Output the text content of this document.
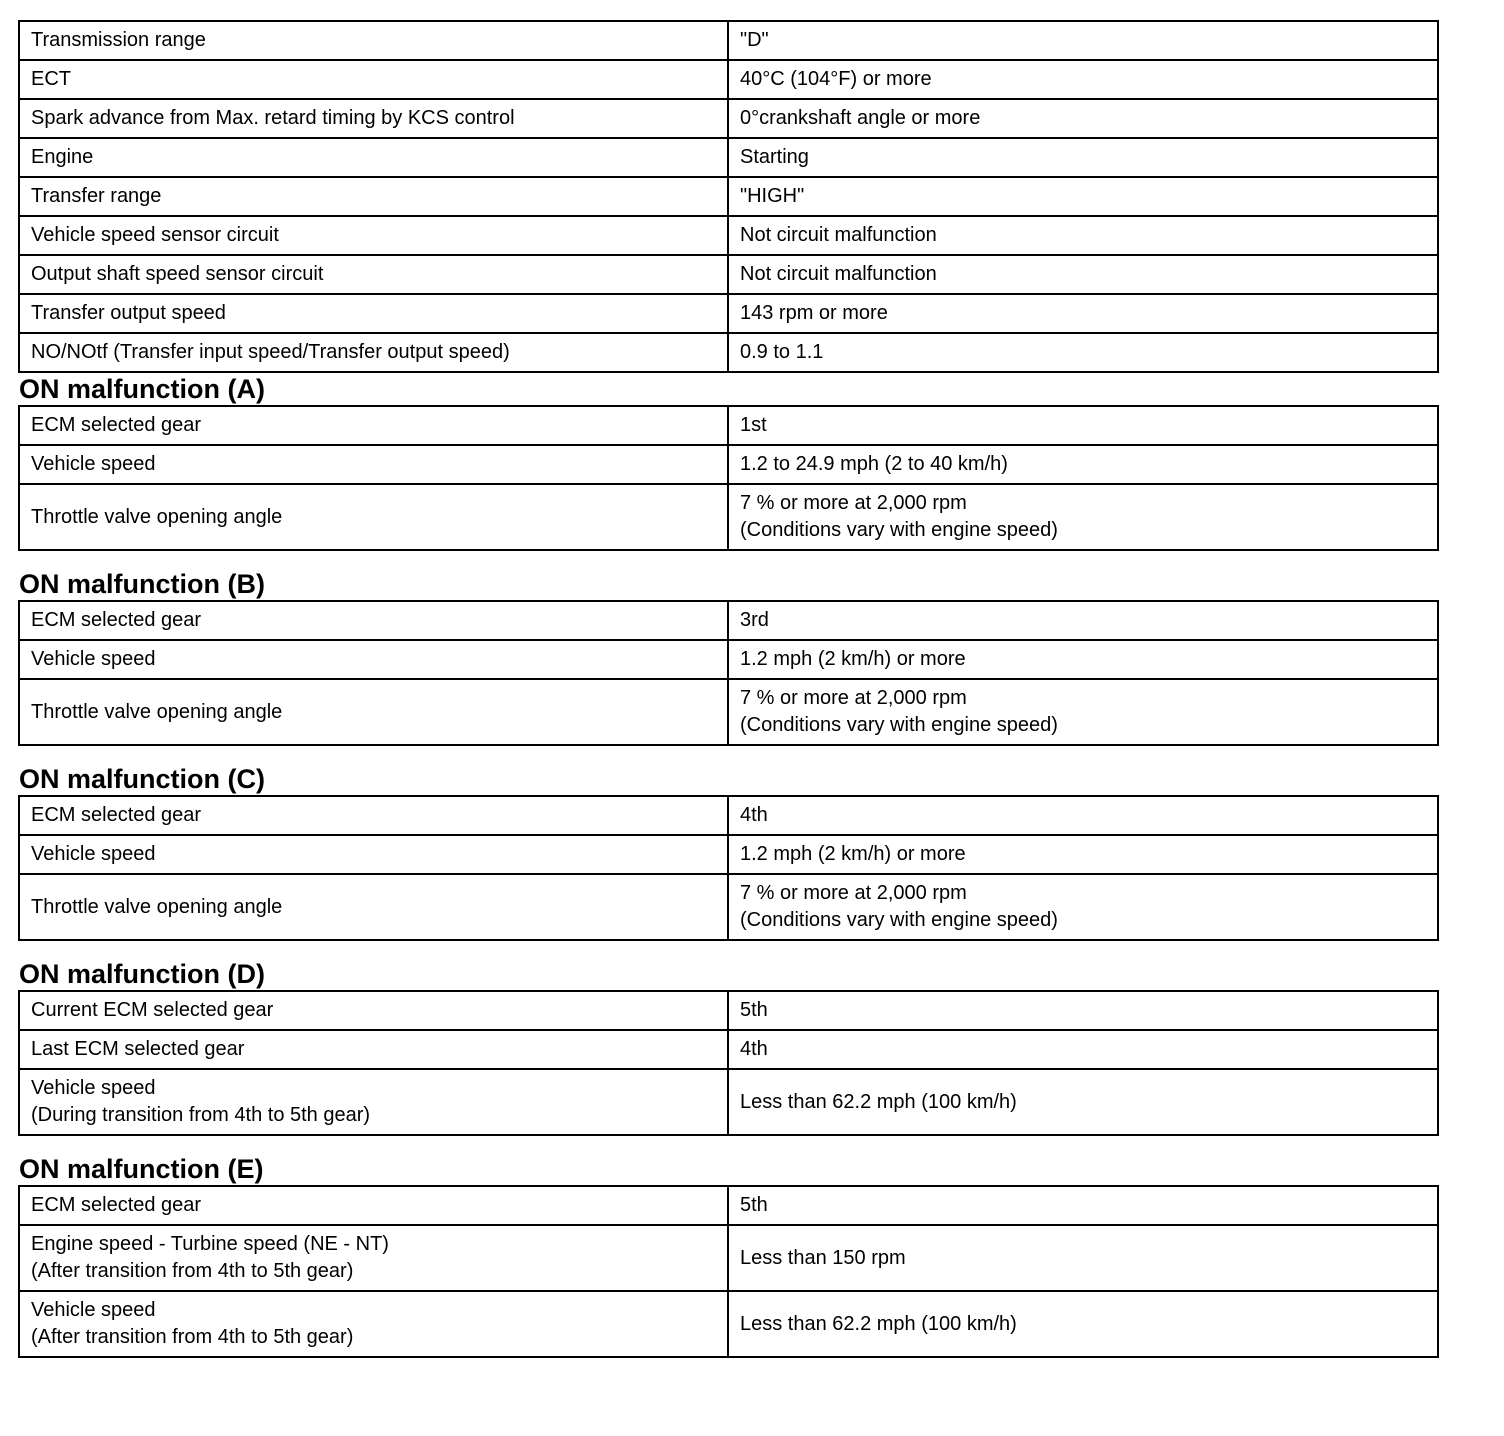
Transmission range	"D"
ECT	40°C (104°F) or more
Spark advance from Max. retard timing by KCS control	0°crankshaft angle or more
Engine	Starting
Transfer range	"HIGH"
Vehicle speed sensor circuit	Not circuit malfunction
Output shaft speed sensor circuit	Not circuit malfunction
Transfer output speed	143 rpm or more
NO/NOtf (Transfer input speed/Transfer output speed)	0.9 to 1.1
ON malfunction (A)
ECM selected gear	1st
Vehicle speed	1.2 to 24.9 mph (2 to 40 km/h)
Throttle valve opening angle	7 % or more at 2,000 rpm
(Conditions vary with engine speed)
ON malfunction (B)
ECM selected gear	3rd
Vehicle speed	1.2 mph (2 km/h) or more
Throttle valve opening angle	7 % or more at 2,000 rpm
(Conditions vary with engine speed)
ON malfunction (C)
ECM selected gear	4th
Vehicle speed	1.2 mph (2 km/h) or more
Throttle valve opening angle	7 % or more at 2,000 rpm
(Conditions vary with engine speed)
ON malfunction (D)
Current ECM selected gear	5th
Last ECM selected gear	4th
Vehicle speed
(During transition from 4th to 5th gear)	Less than 62.2 mph (100 km/h)
ON malfunction (E)
ECM selected gear	5th
Engine speed - Turbine speed (NE - NT)
(After transition from 4th to 5th gear)	Less than 150 rpm
Vehicle speed
(After transition from 4th to 5th gear)	Less than 62.2 mph (100 km/h)
